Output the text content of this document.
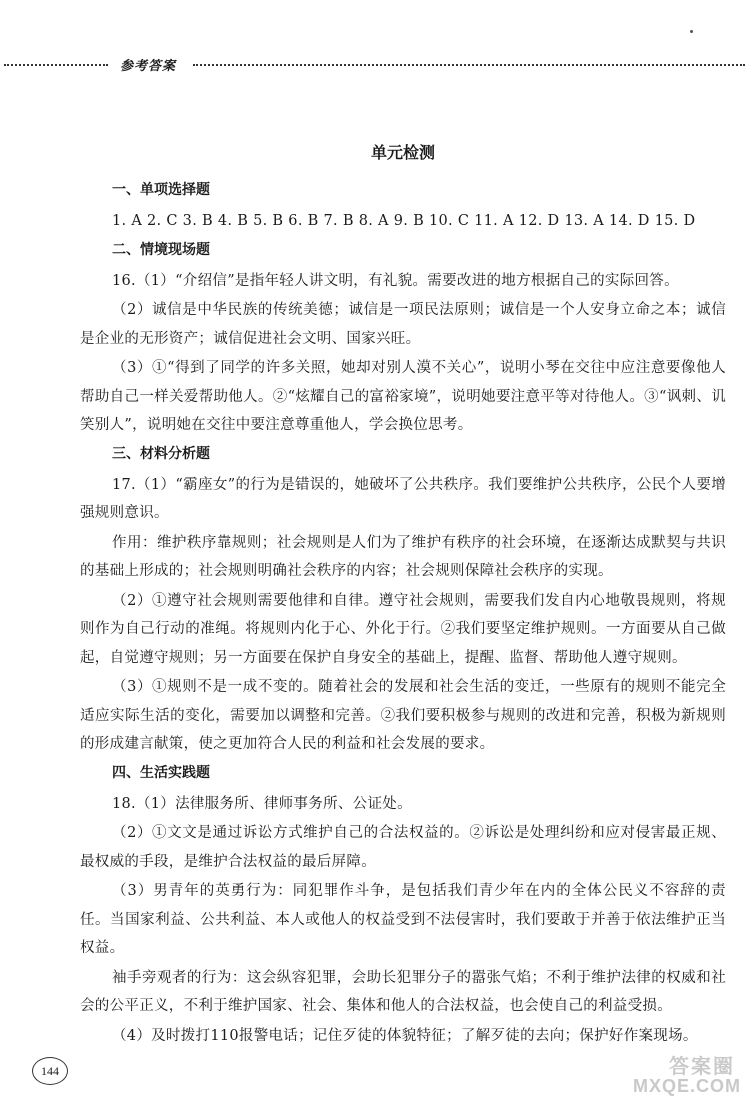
参考答案
单元检测
一、单项选择题
1. A 2. C 3. B 4. B 5. B 6. B 7. B 8. A 9. B 10. C 11. A 12. D 13. A 14. D 15. D
二、情境现场题
16.（1）“介绍信”是指年轻人讲文明，有礼貌。需要改进的地方根据自己的实际回答。
（2）诚信是中华民族的传统美德；诚信是一项民法原则；诚信是一个人安身立命之本；诚信是企业的无形资产；诚信促进社会文明、国家兴旺。
（3）①“得到了同学的许多关照，她却对别人漠不关心”，说明小琴在交往中应注意要像他人帮助自己一样关爱帮助他人。②“炫耀自己的富裕家境”，说明她要注意平等对待他人。③“讽刺、讥笑别人”，说明她在交往中要注意尊重他人，学会换位思考。
三、材料分析题
17.（1）“霸座女”的行为是错误的，她破坏了公共秩序。我们要维护公共秩序，公民个人要增强规则意识。
作用：维护秩序靠规则；社会规则是人们为了维护有秩序的社会环境，在逐渐达成默契与共识的基础上形成的；社会规则明确社会秩序的内容；社会规则保障社会秩序的实现。
（2）①遵守社会规则需要他律和自律。遵守社会规则，需要我们发自内心地敬畏规则，将规则作为自己行动的准绳。将规则内化于心、外化于行。②我们要坚定维护规则。一方面要从自己做起，自觉遵守规则；另一方面要在保护自身安全的基础上，提醒、监督、帮助他人遵守规则。
（3）①规则不是一成不变的。随着社会的发展和社会生活的变迁，一些原有的规则不能完全适应实际生活的变化，需要加以调整和完善。②我们要积极参与规则的改进和完善，积极为新规则的形成建言献策，使之更加符合人民的利益和社会发展的要求。
四、生活实践题
18.（1）法律服务所、律师事务所、公证处。
（2）①文文是通过诉讼方式维护自己的合法权益的。②诉讼是处理纠纷和应对侵害最正规、最权威的手段，是维护合法权益的最后屏障。
（3）男青年的英勇行为：同犯罪作斗争，是包括我们青少年在内的全体公民义不容辞的责任。当国家利益、公共利益、本人或他人的权益受到不法侵害时，我们要敢于并善于依法维护正当权益。
袖手旁观者的行为：这会纵容犯罪，会助长犯罪分子的嚣张气焰；不利于维护法律的权威和社会的公平正义，不利于维护国家、社会、集体和他人的合法权益，也会使自己的利益受损。
（4）及时拨打110报警电话；记住歹徒的体貌特征；了解歹徒的去向；保护好作案现场。
144	答案圈
MXQE.COM
